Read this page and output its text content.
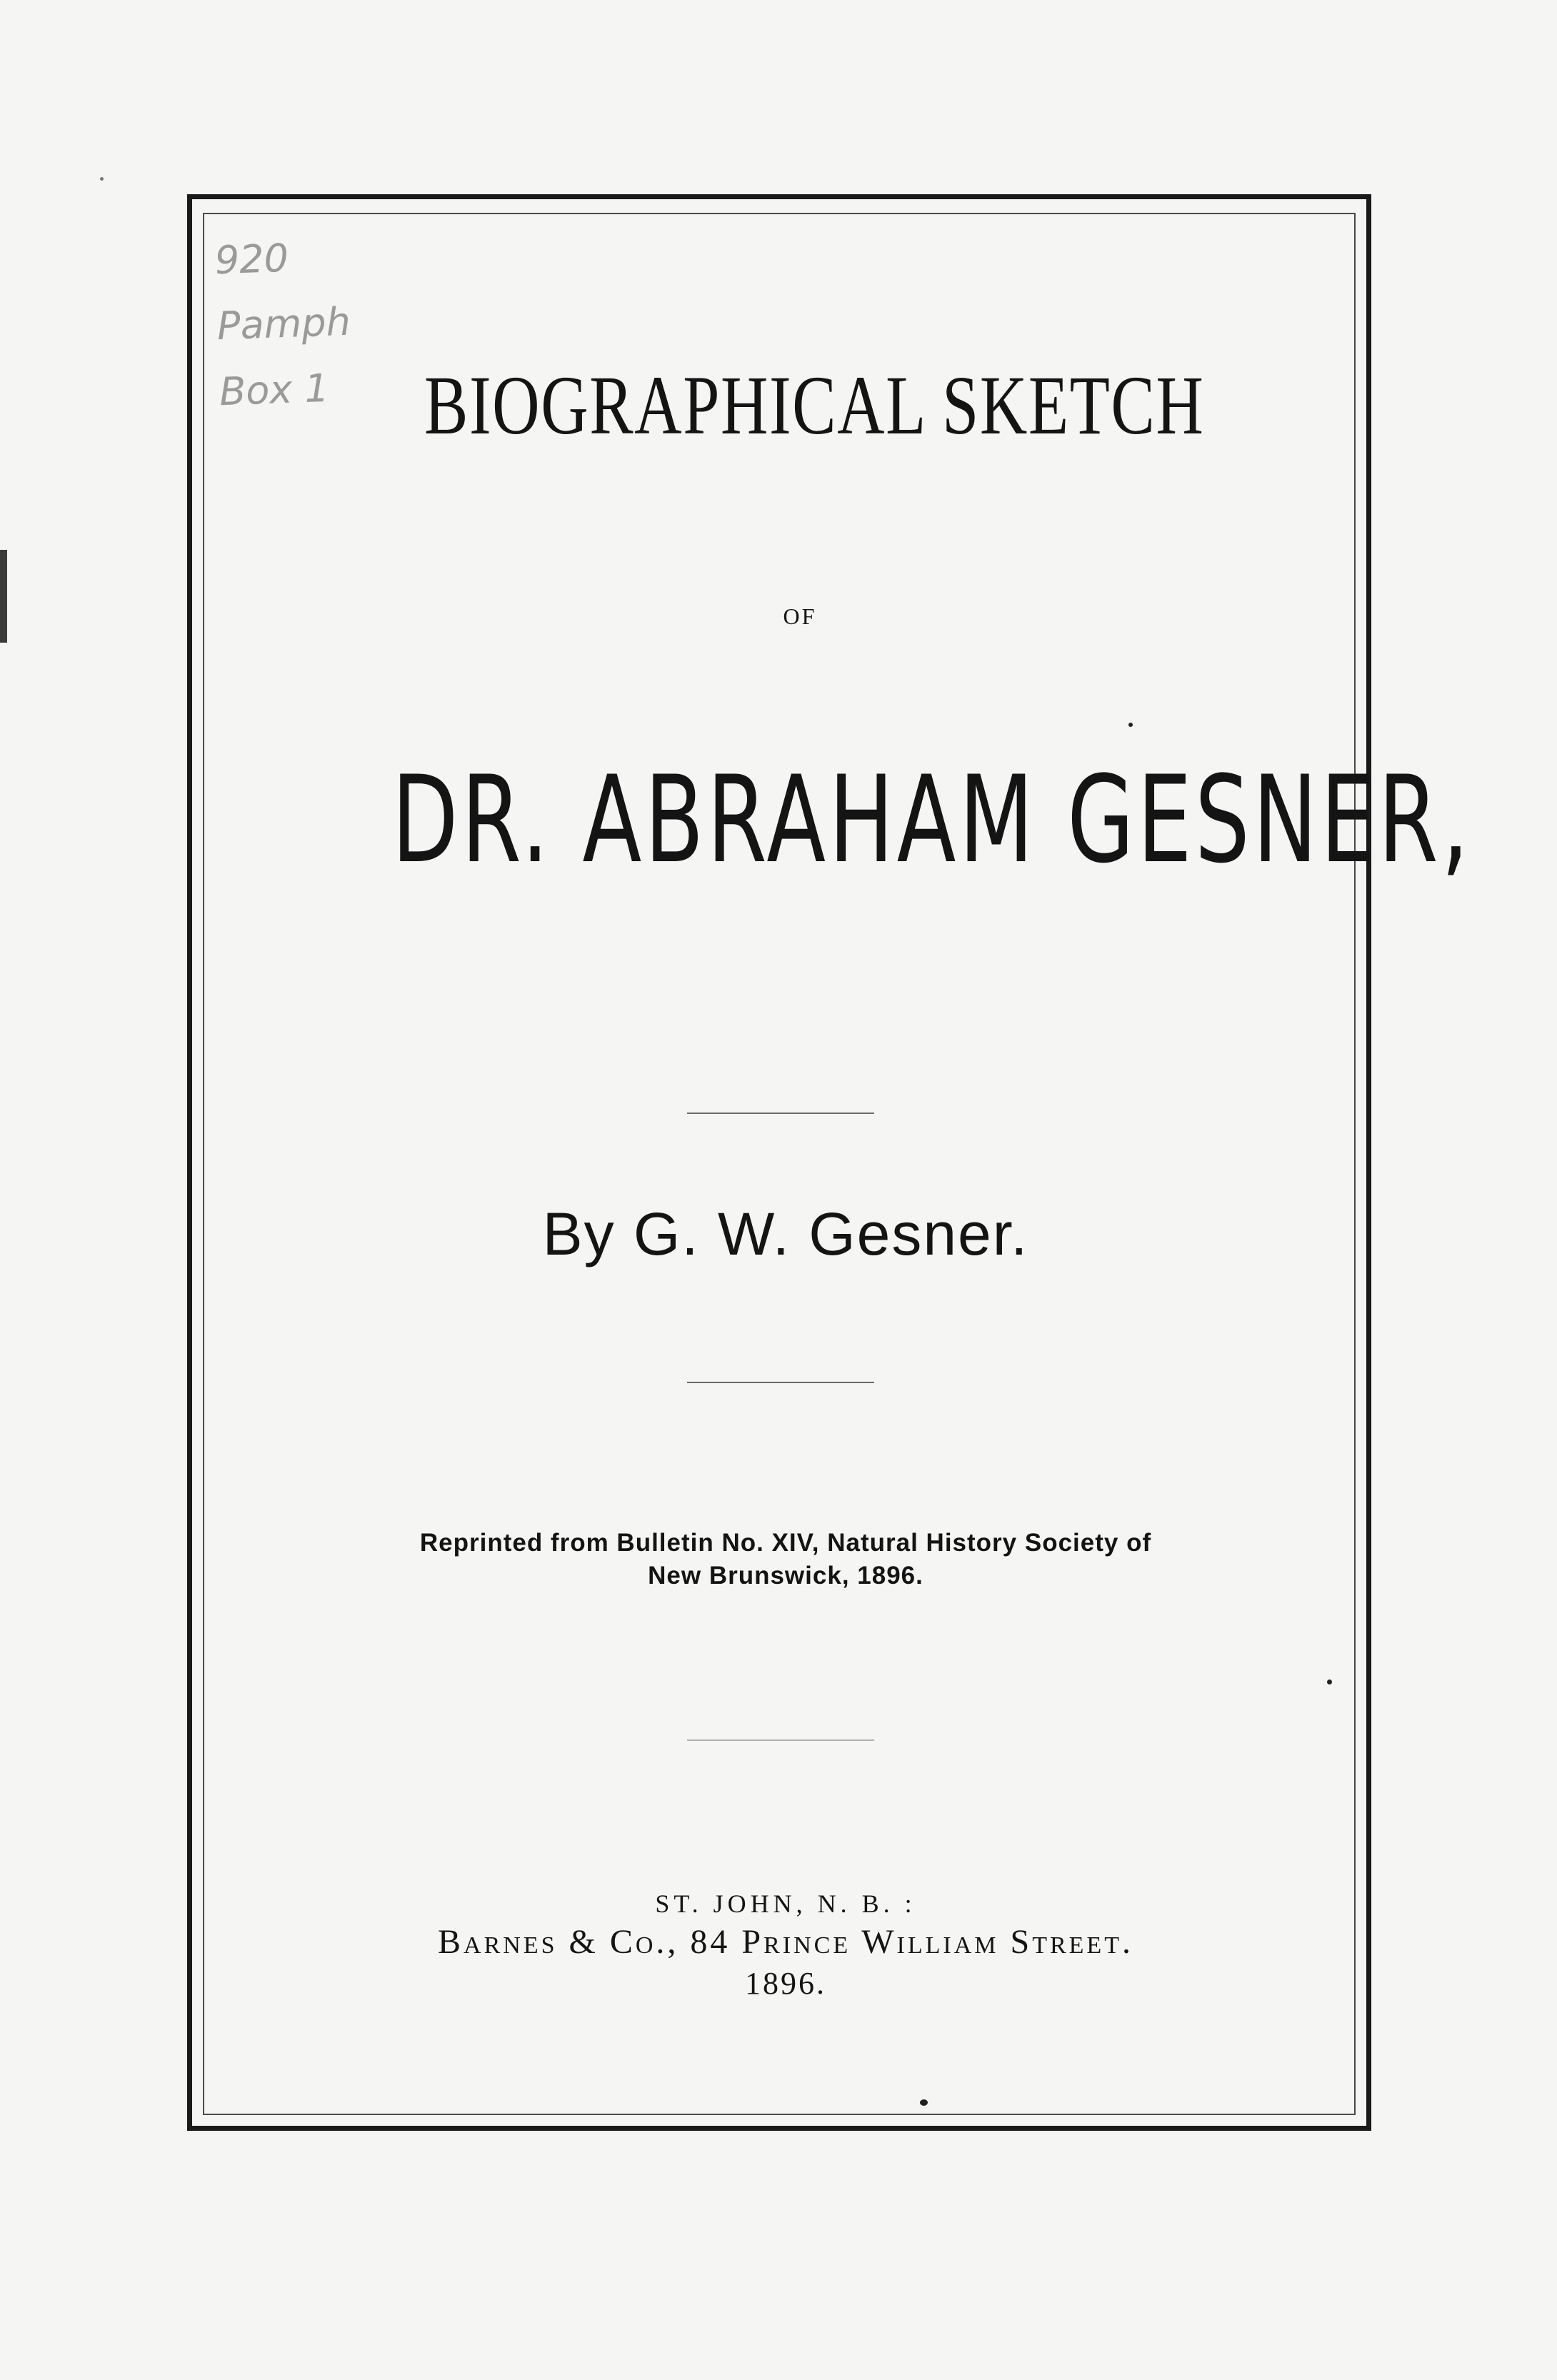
920
Pamph
Box 1 BIOGRAPHICAL SKETCH
OF
DR. ABRAHAM GESNER,
By G. W. Gesner.
Reprinted from Bulletin No. XIV, Natural History Society of
New Brunswick, 1896.
ST. JOHN, N. B. :
Barnes & Co., 84 Prince William Street.
1896.
